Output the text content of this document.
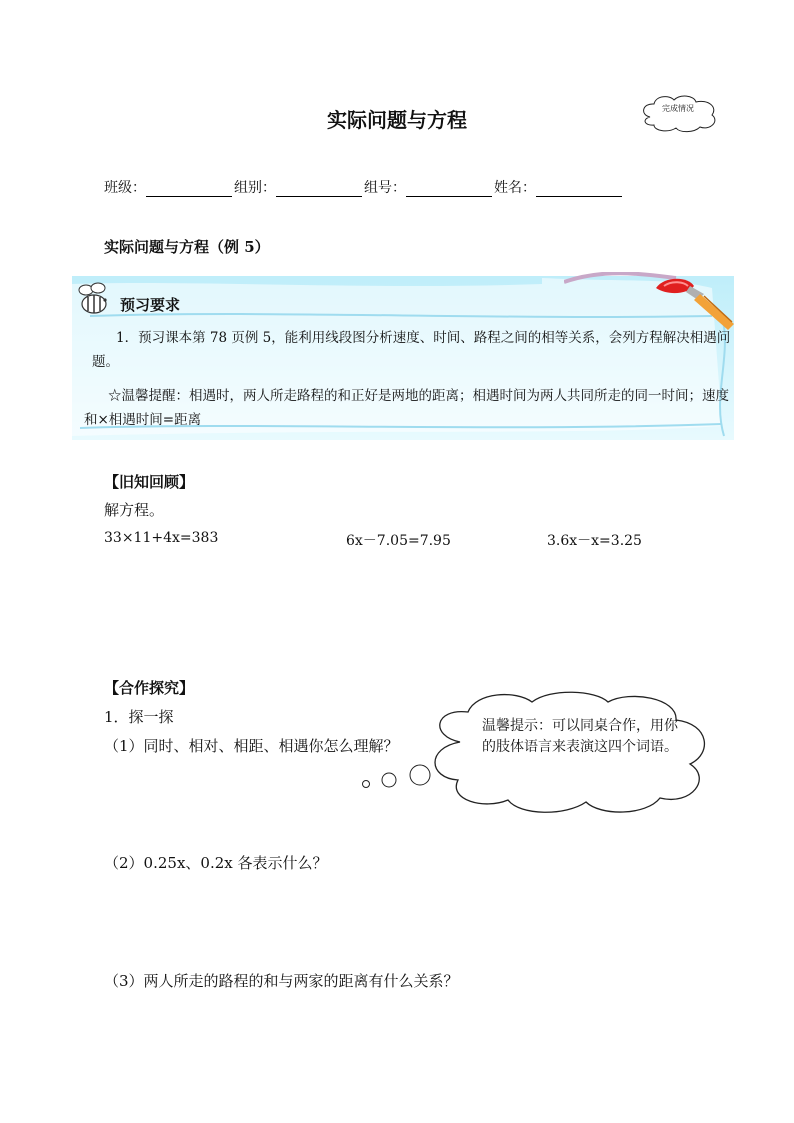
实际问题与方程	完成情况
班级：	组别：	组号：	姓名：
实际问题与方程（例 5）
预习要求
1．预习课本第 78 页例 5，能利用线段图分析速度、时间、路程之间的相等关系，会列方程解决相遇问题。
☆温馨提醒：相遇时，两人所走路程的和正好是两地的距离；相遇时间为两人共同所走的同一时间；速度和×相遇时间=距离
【旧知回顾】
解方程。
33×11+4x=383	6x－7.05=7.95	3.6x－x=3.25
【合作探究】
1．探一探
（1）同时、相对、相距、相遇你怎么理解？
温馨提示：可以同桌合作，用你的肢体语言来表演这四个词语。
（2）0.25x、0.2x 各表示什么？
（3）两人所走的路程的和与两家的距离有什么关系？
